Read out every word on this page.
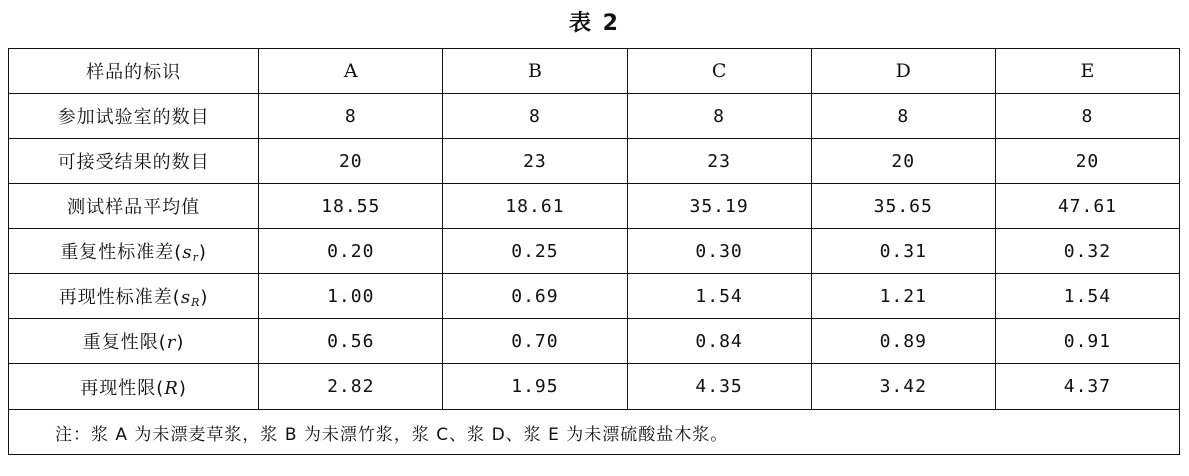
表 2
样品的标识	A	B	C	D	E
参加试验室的数目	8	8	8	8	8
可接受结果的数目	20	23	23	20	20
测试样品平均值	18.55	18.61	35.19	35.65	47.61
重复性标准差$(s_r)$	0.20	0.25	0.30	0.31	0.32
再现性标准差$(s_R)$	1.00	0.69	1.54	1.21	1.54
重复性限(r)	0.56	0.70	0.84	0.89	0.91
再现性限(R)	2.82	1.95	4.35	3.42	4.37
注：浆 A 为未漂麦草浆，浆 B 为未漂竹浆，浆 C、浆 D、浆 E 为未漂硫酸盐木浆。					
